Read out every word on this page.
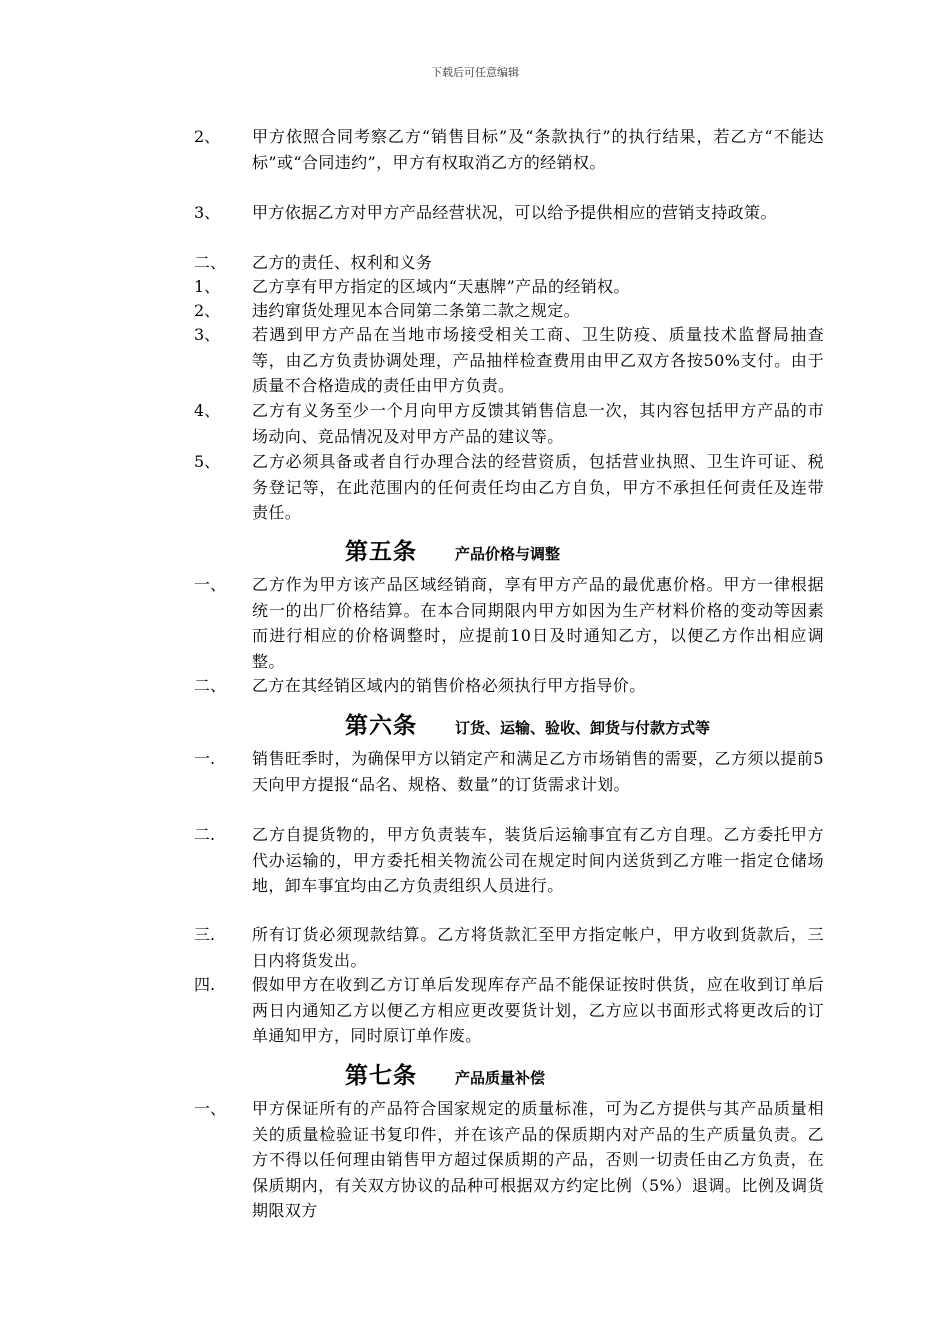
下载后可任意编辑
2、	甲方依照合同考察乙方“销售目标”及“条款执行”的执行结果，若乙方“不能达标”或“合同违约”，甲方有权取消乙方的经销权。
3、	甲方依据乙方对甲方产品经营状况，可以给予提供相应的营销支持政策。
二、	乙方的责任、权利和义务
1、	乙方享有甲方指定的区域内“天惠牌”产品的经销权。
2、	违约窜货处理见本合同第二条第二款之规定。
3、	若遇到甲方产品在当地市场接受相关工商、卫生防疫、质量技术监督局抽查等，由乙方负责协调处理，产品抽样检查费用由甲乙双方各按50%支付。由于质量不合格造成的责任由甲方负责。
4、	乙方有义务至少一个月向甲方反馈其销售信息一次，其内容包括甲方产品的市场动向、竞品情况及对甲方产品的建议等。
5、	乙方必须具备或者自行办理合法的经营资质，包括营业执照、卫生许可证、税务登记等，在此范围内的任何责任均由乙方自负，甲方不承担任何责任及连带责任。
第五条	产品价格与调整
一、	乙方作为甲方该产品区域经销商，享有甲方产品的最优惠价格。甲方一律根据统一的出厂价格结算。在本合同期限内甲方如因为生产材料价格的变动等因素而进行相应的价格调整时，应提前10日及时通知乙方，以便乙方作出相应调整。
二、	乙方在其经销区域内的销售价格必须执行甲方指导价。
第六条	订货、运输、验收、卸货与付款方式等
一.	销售旺季时，为确保甲方以销定产和满足乙方市场销售的需要，乙方须以提前5天向甲方提报“品名、规格、数量”的订货需求计划。
二.	乙方自提货物的，甲方负责装车，装货后运输事宜有乙方自理。乙方委托甲方代办运输的，甲方委托相关物流公司在规定时间内送货到乙方唯一指定仓储场地，卸车事宜均由乙方负责组织人员进行。
三.	所有订货必须现款结算。乙方将货款汇至甲方指定帐户，甲方收到货款后，三日内将货发出。
四.	假如甲方在收到乙方订单后发现库存产品不能保证按时供货，应在收到订单后两日内通知乙方以便乙方相应更改要货计划，乙方应以书面形式将更改后的订单通知甲方，同时原订单作废。
第七条	产品质量补偿
一、	甲方保证所有的产品符合国家规定的质量标准，可为乙方提供与其产品质量相关的质量检验证书复印件，并在该产品的保质期内对产品的生产质量负责。乙方不得以任何理由销售甲方超过保质期的产品，否则一切责任由乙方负责，在保质期内，有关双方协议的品种可根据双方约定比例（5%）退调。比例及调货期限双方
